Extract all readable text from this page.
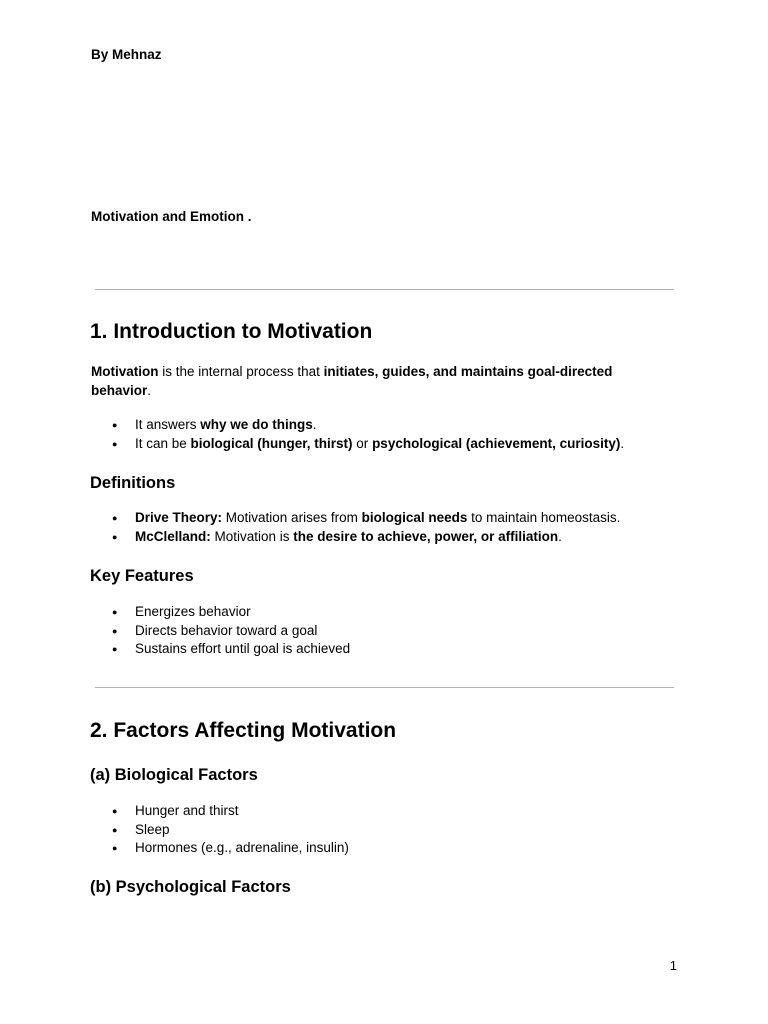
By Mehnaz
Motivation and Emotion .
1. Introduction to Motivation

Motivation is the internal process that initiates, guides, and maintains goal-directed behavior.

● It answers why we do things.
● It can be biological (hunger, thirst) or psychological (achievement, curiosity).
Definitions
● Drive Theory: Motivation arises from biological needs to maintain homeostasis.
● McClelland: Motivation is the desire to achieve, power, or affiliation.
Key Features
● Energizes behavior
● Directs behavior toward a goal
● Sustains effort until goal is achieved
2. Factors Affecting Motivation
(a) Biological Factors
● Hunger and thirst
● Sleep
● Hormones (e.g., adrenaline, insulin)
(b) Psychological Factors
1
